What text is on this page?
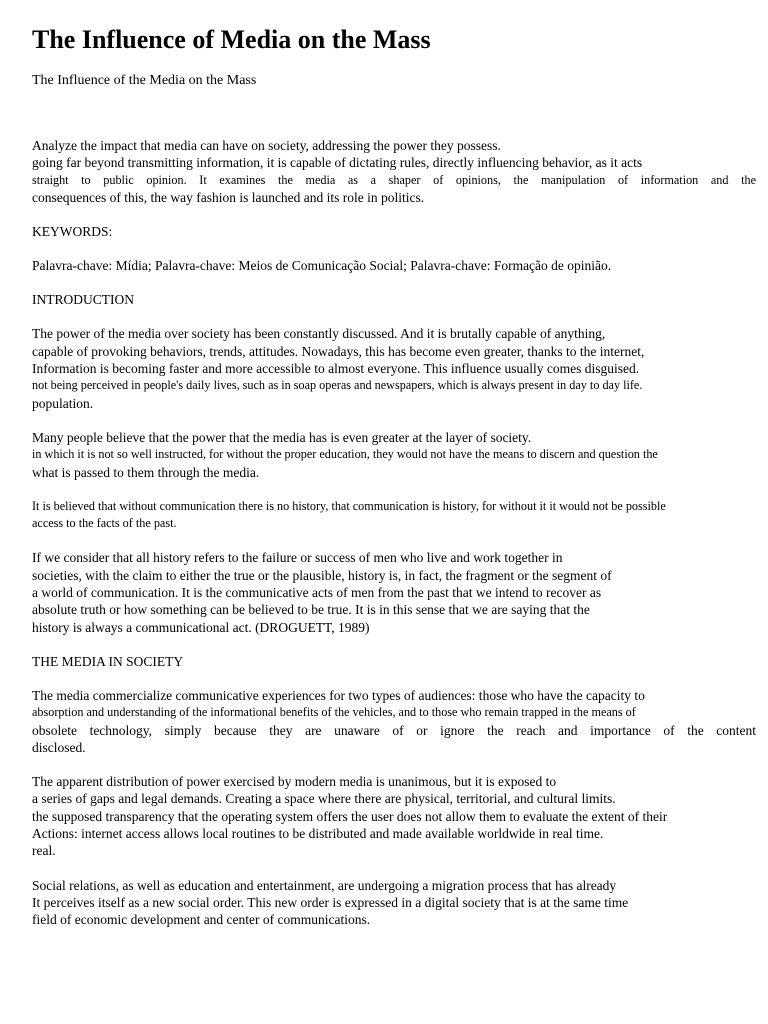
The Influence of Media on the Mass
The Influence of the Media on the Mass
Analyze the impact that media can have on society, addressing the power they possess.
going far beyond transmitting information, it is capable of dictating rules, directly influencing behavior, as it acts
straight to public opinion. It examines the media as a shaper of opinions, the manipulation of information and the
consequences of this, the way fashion is launched and its role in politics.
KEYWORDS:
Palavra-chave: Mídia; Palavra-chave: Meios de Comunicação Social; Palavra-chave: Formação de opinião.
INTRODUCTION
The power of the media over society has been constantly discussed. And it is brutally capable of anything,
capable of provoking behaviors, trends, attitudes. Nowadays, this has become even greater, thanks to the internet,
Information is becoming faster and more accessible to almost everyone. This influence usually comes disguised.
not being perceived in people's daily lives, such as in soap operas and newspapers, which is always present in day to day life.
population.
Many people believe that the power that the media has is even greater at the layer of society.
in which it is not so well instructed, for without the proper education, they would not have the means to discern and question the
what is passed to them through the media.
It is believed that without communication there is no history, that communication is history, for without it it would not be possible
access to the facts of the past.
If we consider that all history refers to the failure or success of men who live and work together in
societies, with the claim to either the true or the plausible, history is, in fact, the fragment or the segment of
a world of communication. It is the communicative acts of men from the past that we intend to recover as
absolute truth or how something can be believed to be true. It is in this sense that we are saying that the
history is always a communicational act. (DROGUETT, 1989)
THE MEDIA IN SOCIETY
The media commercialize communicative experiences for two types of audiences: those who have the capacity to
absorption and understanding of the informational benefits of the vehicles, and to those who remain trapped in the means of
obsolete technology, simply because they are unaware of or ignore the reach and importance of the content
disclosed.
The apparent distribution of power exercised by modern media is unanimous, but it is exposed to
a series of gaps and legal demands. Creating a space where there are physical, territorial, and cultural limits.
the supposed transparency that the operating system offers the user does not allow them to evaluate the extent of their
Actions: internet access allows local routines to be distributed and made available worldwide in real time.
real.
Social relations, as well as education and entertainment, are undergoing a migration process that has already
It perceives itself as a new social order. This new order is expressed in a digital society that is at the same time
field of economic development and center of communications.
